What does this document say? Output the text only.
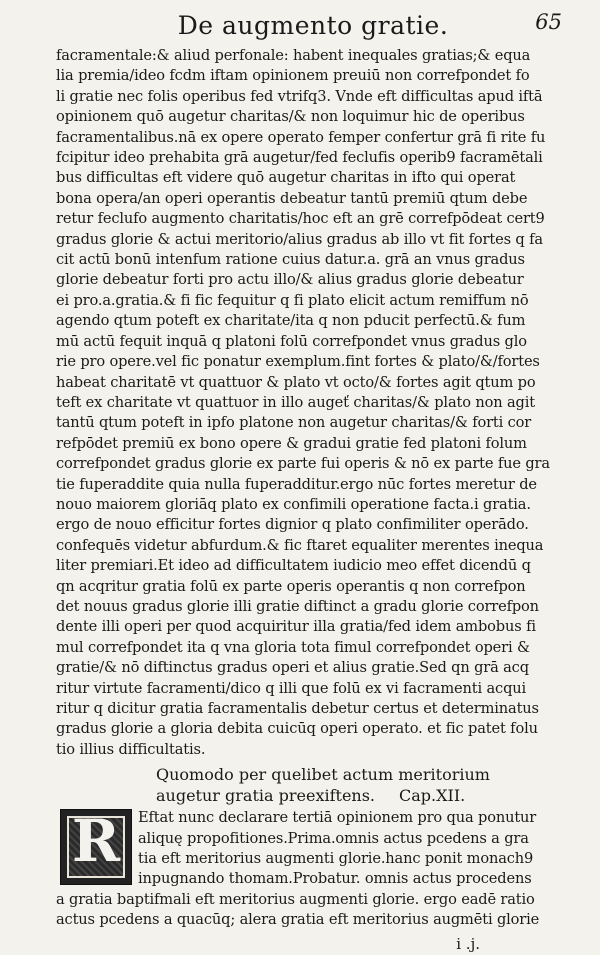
De augmento gratie.	65

facramentale:& aliud perfonale: habent inequales gratias;& equa

lia premia/ideo fcdm iftam opinionem preuiū non correfpondet fo

li gratie nec folis operibus fed vtrifq3. Vnde eft difficultas apud iftā

opinionem quō augetur charitas/& non loquimur hic de operibus

facramentalibus.nā ex opere operato femper confertur grā fi rite fu

fcipitur ideo prehabita grā augetur/fed feclufis operib9 facramētali

bus difficultas eft videre quō augetur charitas in ifto qui operat

bona opera/an operi operantis debeatur tantū premiū qtum debe

retur feclufo augmento charitatis/hoc eft an grē correfpōdeat cert9

gradus glorie & actui meritorio/alius gradus ab illo vt fit fortes q fa

cit actū bonū intenfum ratione cuius datur.a. grā an vnus gradus

glorie debeatur forti pro actu illo/& alius gradus glorie debeatur

ei pro.a.gratia.& fi fic fequitur q fi plato elicit actum remiffum nō

agendo qtum poteft ex charitate/ita q non pducit perfectū.& fum

mū actū fequit inquā q platoni folū correfpondet vnus gradus glo

rie pro opere.vel fic ponatur exemplum.fint fortes & plato/&/fortes

habeat charitatē vt quattuor & plato vt octo/& fortes agit qtum po

teft ex charitate vt quattuor in illo augeť charitas/& plato non agit

tantū qtum poteft in ipfo platone non augetur charitas/& forti cor

refpōdet premiū ex bono opere & gradui gratie fed platoni folum

correfpondet gradus glorie ex parte fui operis & nō ex parte fue gra

tie fuperaddite quia nulla fuperadditur.ergo nūc fortes meretur de

nouo maiorem gloriāq plato ex confimili operatione facta.i gratia.

ergo de nouo efficitur fortes dignior q plato confimiliter operādo.

confequēs videtur abfurdum.& fic ftaret equaliter merentes inequa

liter premiari.Et ideo ad difficultatem iudicio meo effet dicendū q

qn acqritur gratia folū ex parte operis operantis q non correfpon

det nouus gradus glorie illi gratie diftinct a gradu glorie correfpon

dente illi operi per quod acquiritur illa gratia/fed idem ambobus fi

mul correfpondet ita q vna gloria tota fimul correfpondet operi &

gratie/& nō diftinctus gradus operi et alius gratie.Sed qn grā acq

ritur virtute facramenti/dico q illi que folū ex vi facramenti acqui

ritur q dicitur gratia facramentalis debetur certus et determinatus

gradus glorie a gloria debita cuicūq operi operato. et fic patet folu

tio illius difficultatis.

Quomodo per quelibet actum meritorium

augetur gratia preexiftens. Cap.XII.

R	Eftat nunc declarare tertiā opinionem pro qua ponutur

aliquę propofitiones.Prima.omnis actus pcedens a gra

tia eft meritorius augmenti glorie.hanc ponit monach9

inpugnando thomam.Probatur. omnis actus procedens

a gratia baptifmali eft meritorius augmenti glorie. ergo eadē ratio

actus pcedens a quacūq; alera gratia eft meritorius augmēti glorie

i .j.
